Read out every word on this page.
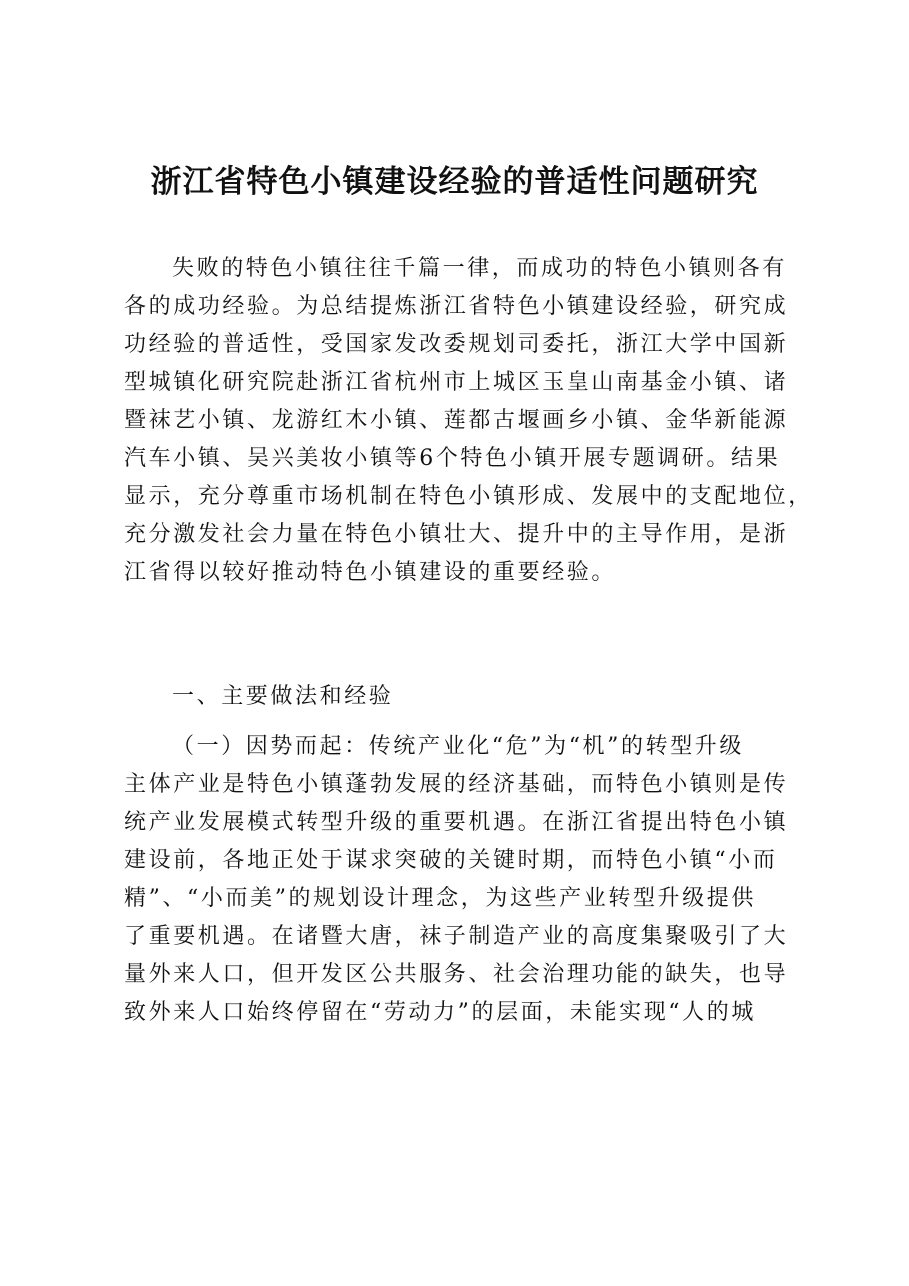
浙江省特色小镇建设经验的普适性问题研究
失败的特色小镇往往千篇一律，而成功的特色小镇则各有
各的成功经验。为总结提炼浙江省特色小镇建设经验，研究成
功经验的普适性，受国家发改委规划司委托，浙江大学中国新
型城镇化研究院赴浙江省杭州市上城区玉皇山南基金小镇、诸
暨袜艺小镇、龙游红木小镇、莲都古堰画乡小镇、金华新能源
汽车小镇、吴兴美妆小镇等6个特色小镇开展专题调研。结果
显示，充分尊重市场机制在特色小镇形成、发展中的支配地位，
充分激发社会力量在特色小镇壮大、提升中的主导作用，是浙
江省得以较好推动特色小镇建设的重要经验。
一、主要做法和经验
（一）因势而起：传统产业化“危”为“机”的转型升级
主体产业是特色小镇蓬勃发展的经济基础，而特色小镇则是传
统产业发展模式转型升级的重要机遇。在浙江省提出特色小镇
建设前，各地正处于谋求突破的关键时期，而特色小镇“小而
精”、“小而美”的规划设计理念，为这些产业转型升级提供
了重要机遇。在诸暨大唐，袜子制造产业的高度集聚吸引了大
量外来人口，但开发区公共服务、社会治理功能的缺失，也导
致外来人口始终停留在“劳动力”的层面，未能实现“人的城
